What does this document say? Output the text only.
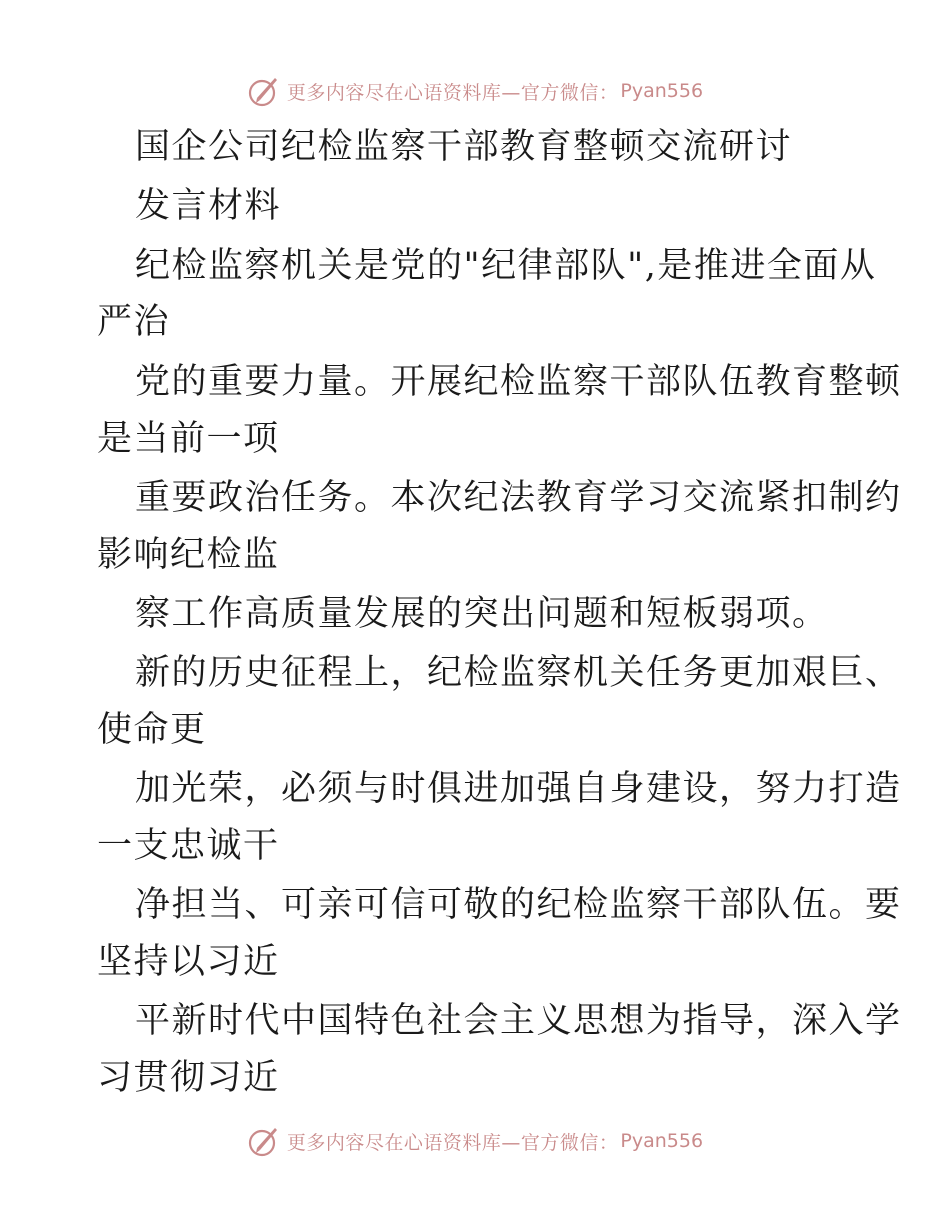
更多内容尽在心语资料库—官方微信： Pyan556
国企公司纪检监察干部教育整顿交流研讨
发言材料
纪检监察机关是党的"纪律部队",是推进全面从
严治
党的重要力量。开展纪检监察干部队伍教育整顿
是当前一项
重要政治任务。本次纪法教育学习交流紧扣制约
影响纪检监
察工作高质量发展的突出问题和短板弱项。
新的历史征程上，纪检监察机关任务更加艰巨、
使命更
加光荣，必须与时俱进加强自身建设，努力打造
一支忠诚干
净担当、可亲可信可敬的纪检监察干部队伍。要
坚持以习近
平新时代中国特色社会主义思想为指导，深入学
习贯彻习近
更多内容尽在心语资料库—官方微信： Pyan556
